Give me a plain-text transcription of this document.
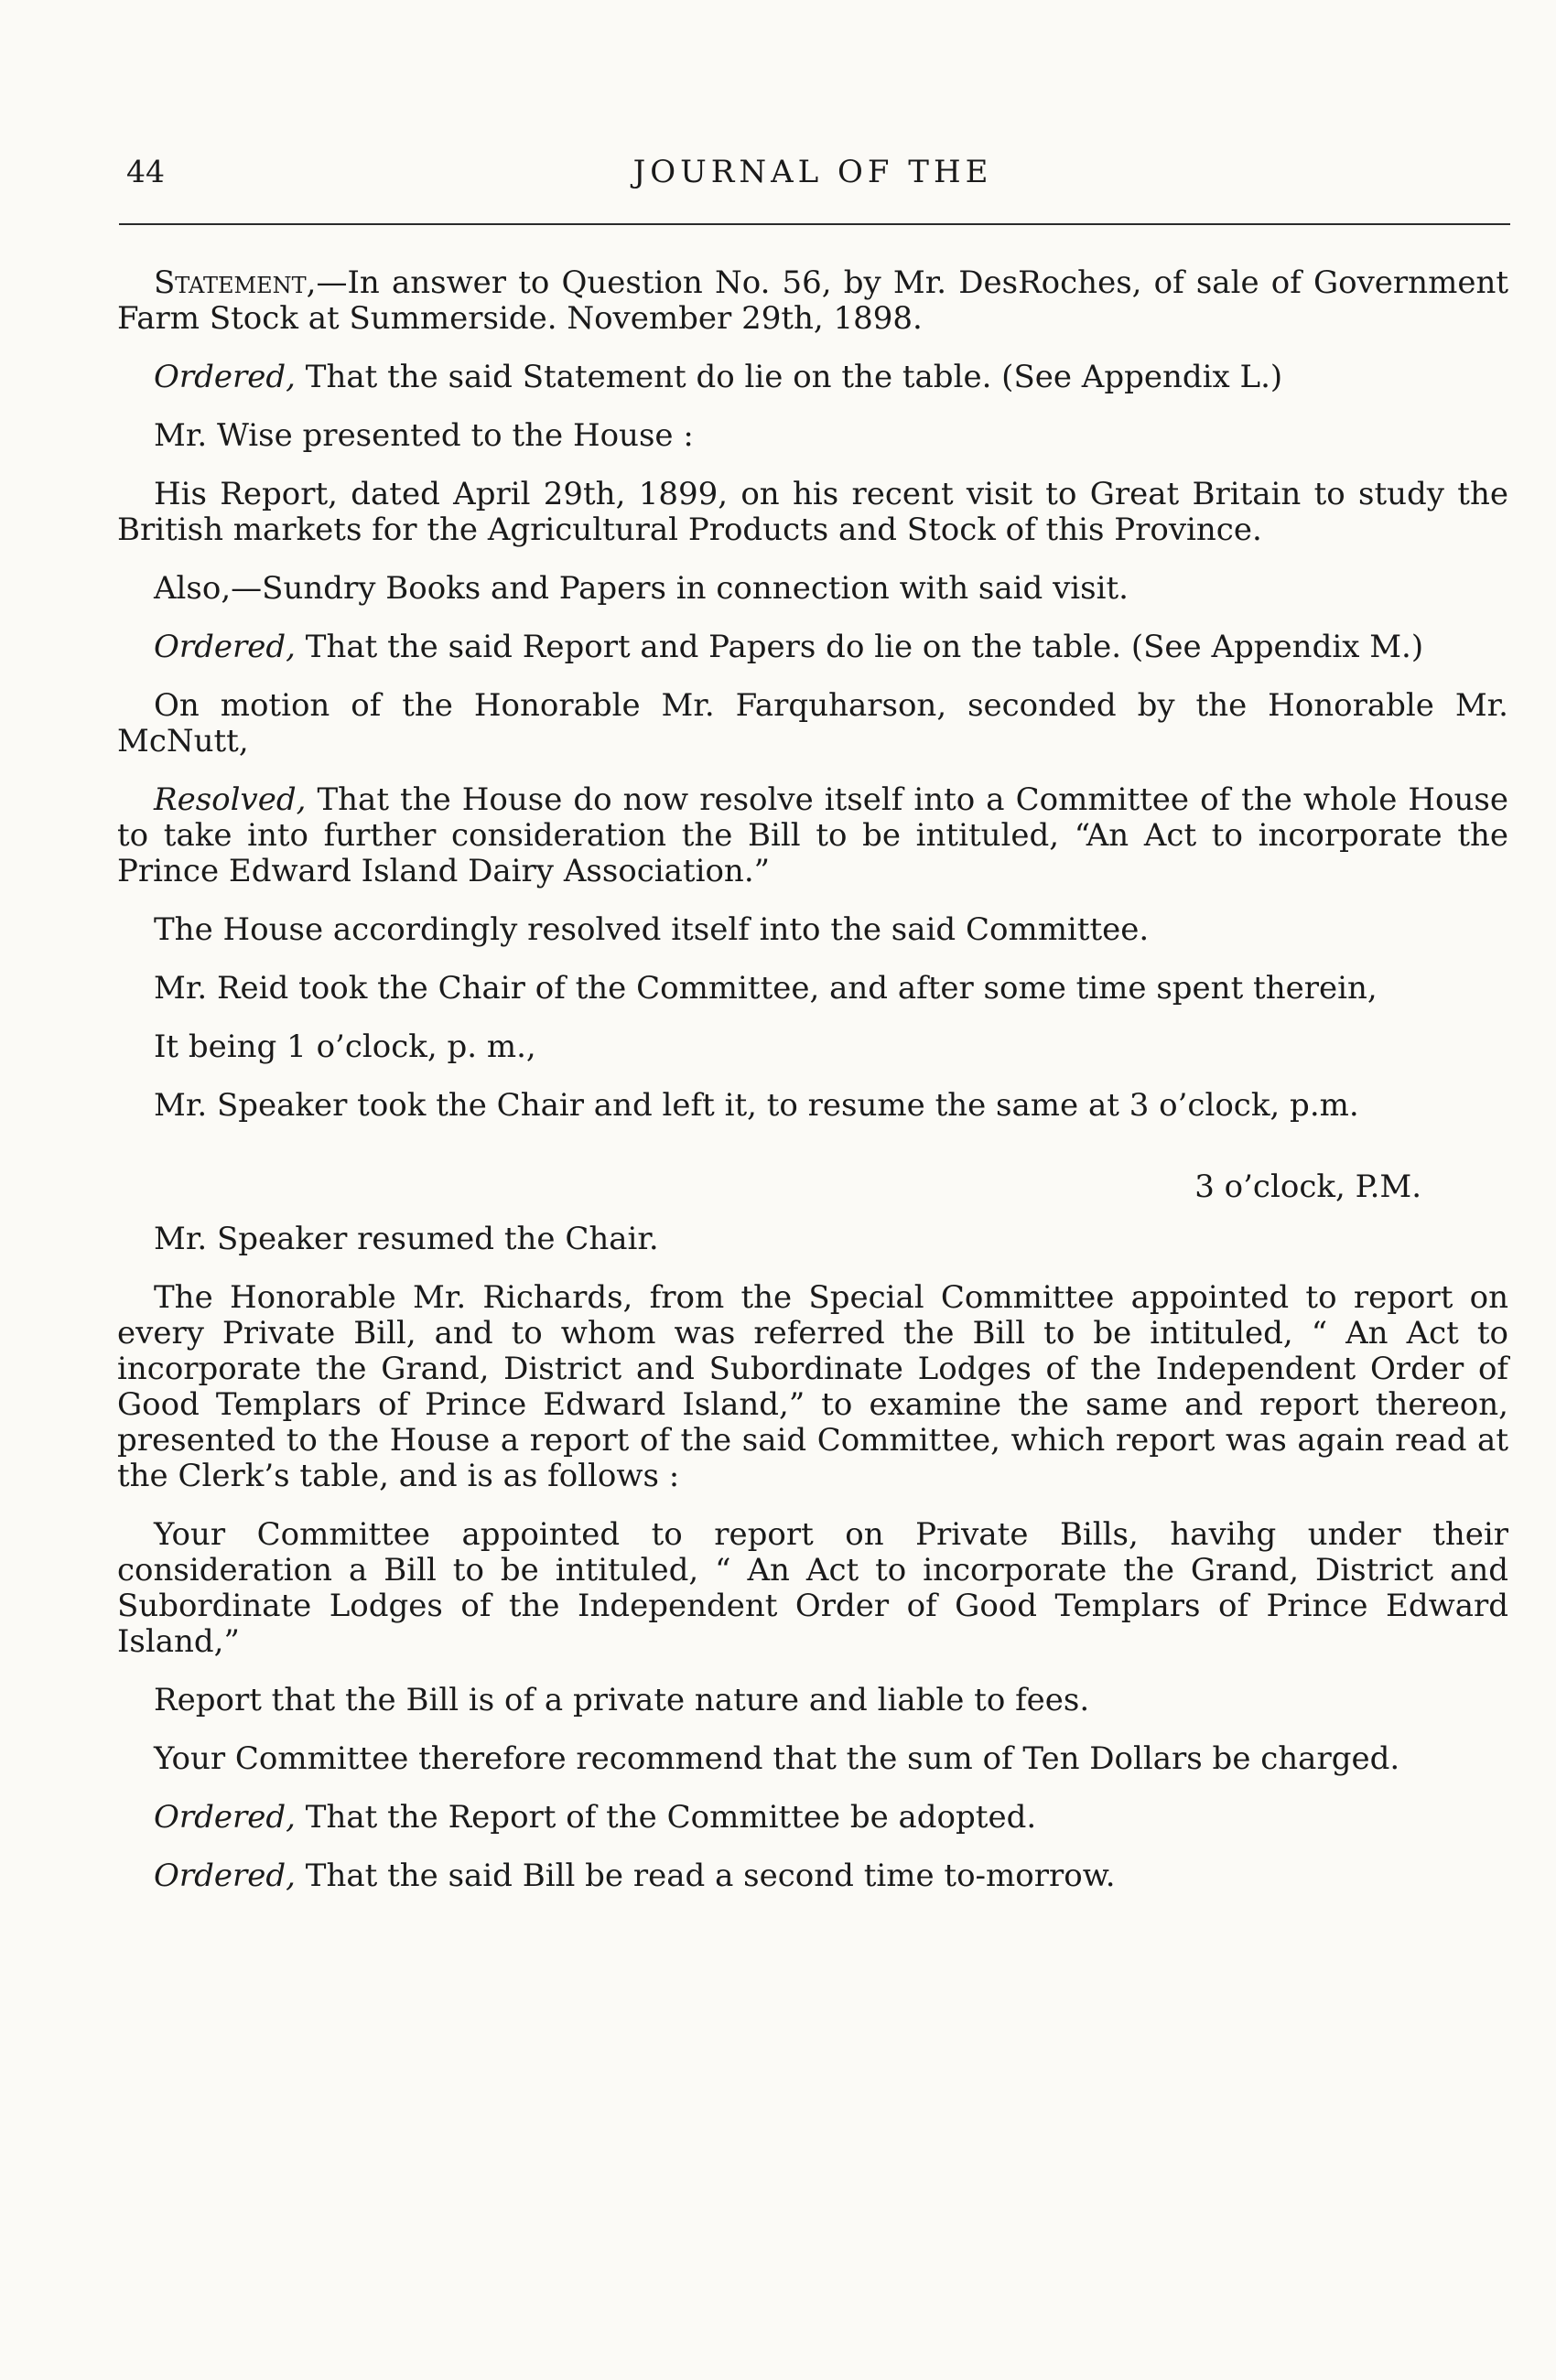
44	JOURNAL OF THE

Statement,—In answer to Question No. 56, by Mr. DesRoches, of sale of Government Farm Stock at Summerside. November 29th, 1898.

Ordered, That the said Statement do lie on the table. (See Appendix L.)

Mr. Wise presented to the House :

His Report, dated April 29th, 1899, on his recent visit to Great Britain to study the British markets for the Agricultural Products and Stock of this Province.

Also,—Sundry Books and Papers in connection with said visit.

Ordered, That the said Report and Papers do lie on the table. (See Appendix M.)

On motion of the Honorable Mr. Farquharson, seconded by the Honorable Mr. McNutt,

Resolved, That the House do now resolve itself into a Committee of the whole House to take into further consideration the Bill to be intituled, “An Act to incorporate the Prince Edward Island Dairy Association.”

The House accordingly resolved itself into the said Committee.

Mr. Reid took the Chair of the Committee, and after some time spent therein,

It being 1 o’clock, p. m.,

Mr. Speaker took the Chair and left it, to resume the same at 3 o’clock, p.m.

3 o’clock, P.M.

Mr. Speaker resumed the Chair.

The Honorable Mr. Richards, from the Special Committee appointed to report on every Private Bill, and to whom was referred the Bill to be intituled, “ An Act to incorporate the Grand, District and Subordinate Lodges of the Independent Order of Good Templars of Prince Edward Island,” to examine the same and report thereon, presented to the House a report of the said Committee, which report was again read at the Clerk’s table, and is as follows :

Your Committee appointed to report on Private Bills, havihg under their consideration a Bill to be intituled, “ An Act to incorporate the Grand, District and Subordinate Lodges of the Independent Order of Good Templars of Prince Edward Island,”

Report that the Bill is of a private nature and liable to fees.

Your Committee therefore recommend that the sum of Ten Dollars be charged.

Ordered, That the Report of the Committee be adopted.

Ordered, That the said Bill be read a second time to-morrow.
